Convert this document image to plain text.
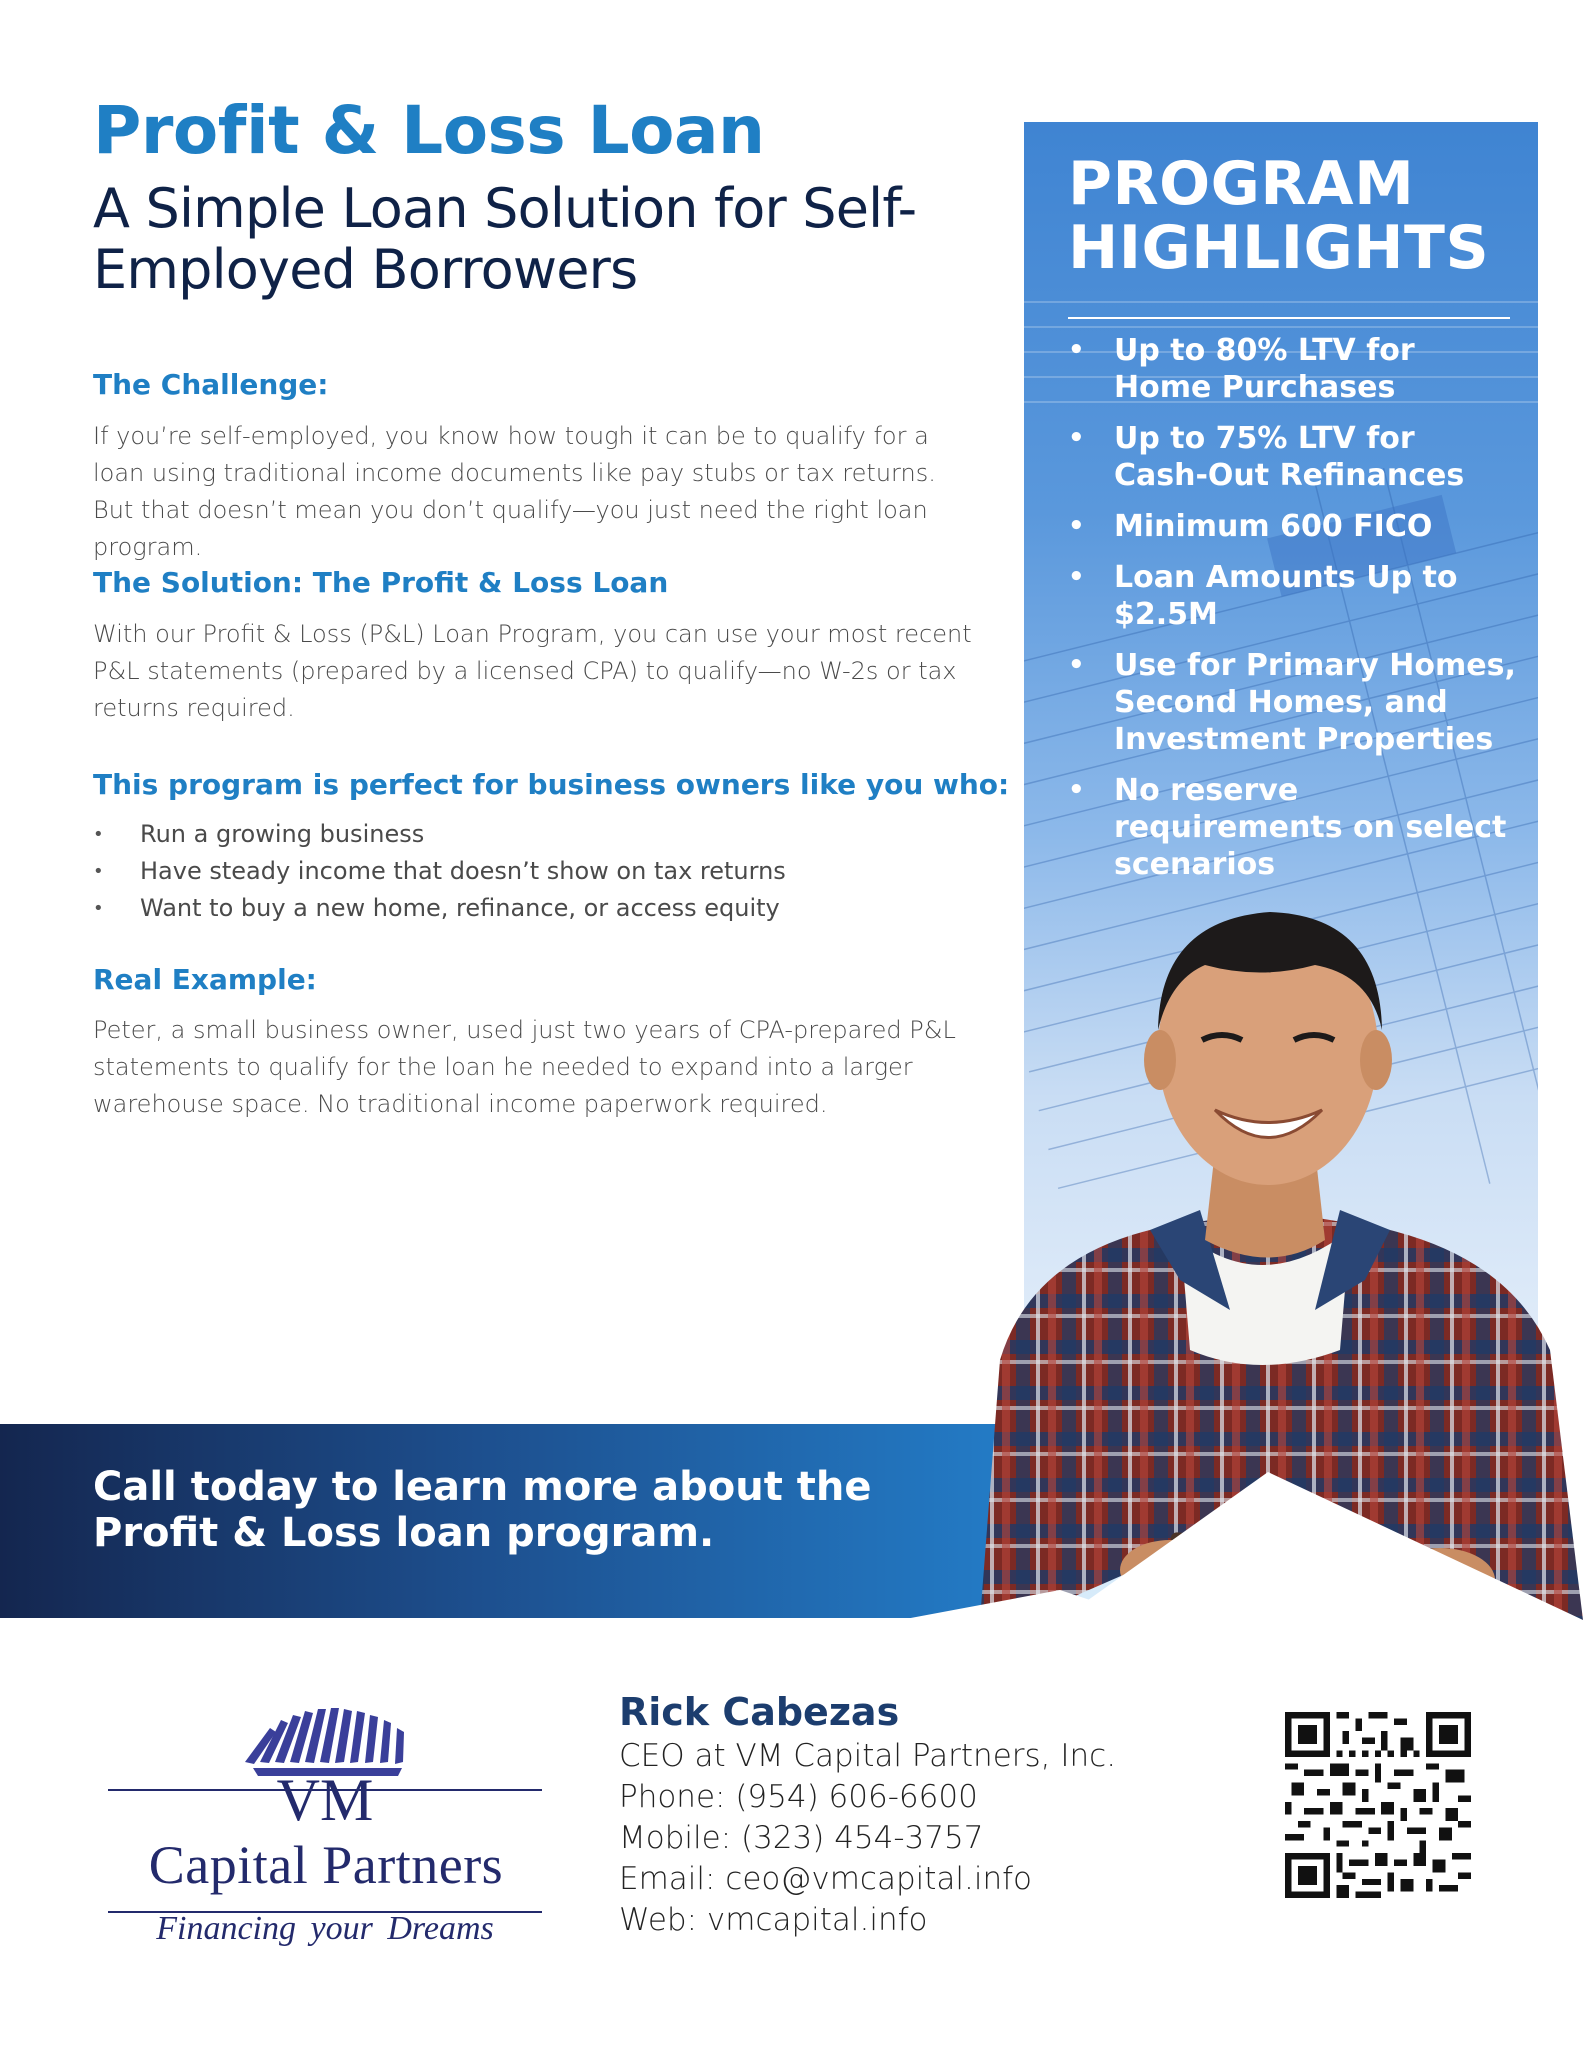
Profit & Loss Loan
A Simple Loan Solution for Self-Employed Borrowers
The Challenge:

If you’re self-employed, you know how tough it can be to qualify for a loan using traditional income documents like pay stubs or tax returns. But that doesn’t mean you don’t qualify—you just need the right loan program.

The Solution: The Profit & Loss Loan

With our Profit & Loss (P&L) Loan Program, you can use your most recent P&L statements (prepared by a licensed CPA) to qualify—no W-2s or tax returns required.

This program is perfect for business owners like you who:
• Run a growing business
• Have steady income that doesn’t show on tax returns
• Want to buy a new home, refinance, or access equity
Real Example:

Peter, a small business owner, used just two years of CPA-prepared P&L statements to qualify for the loan he needed to expand into a larger warehouse space. No traditional income paperwork required.

PROGRAM
HIGHLIGHTS
• Up to 80% LTV for Home Purchases
• Up to 75% LTV for Cash-Out Refinances
• Minimum 600 FICO
• Loan Amounts Up to $2.5M
• Use for Primary Homes, Second Homes, and Investment Properties
• No reserve requirements on select scenarios
Call today to learn more about the
Profit & Loss loan program.
VM
Capital Partners
Financing your Dreams
Rick Cabezas
CEO at VM Capital Partners, Inc.
Phone: (954) 606-6600
Mobile: (323) 454-3757
Email: ceo@vmcapital.info
Web: vmcapital.info
